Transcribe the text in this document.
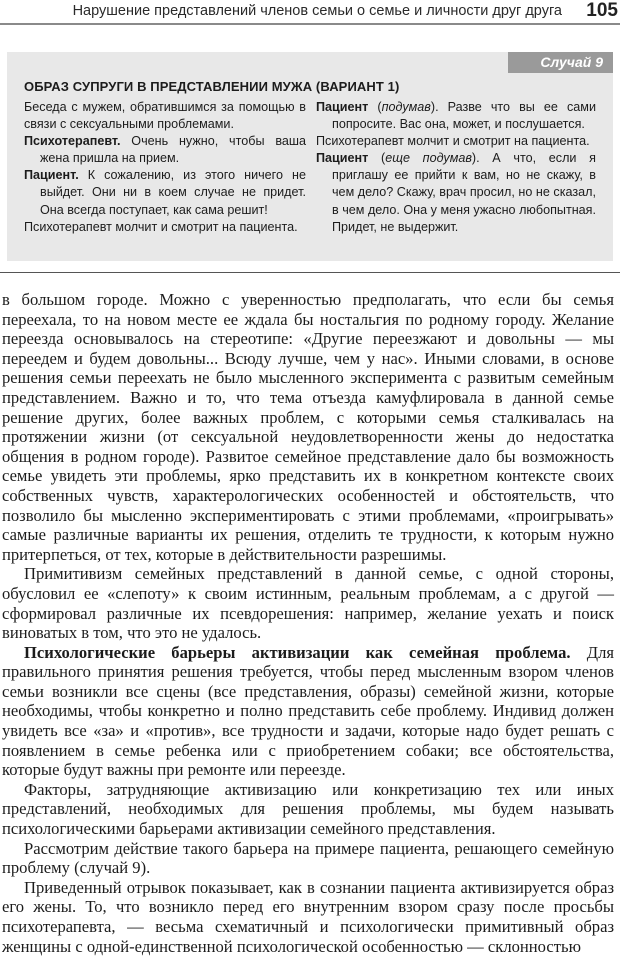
Нарушение представлений членов семьи о семье и личности друг друга 105
Случай 9
ОБРАЗ СУПРУГИ В ПРЕДСТАВЛЕНИИ МУЖА (ВАРИАНТ 1)

Беседа с мужем, обратившимся за помощью в связи с сексуальными проблемами.

Психотерапевт. Очень нужно, чтобы ваша жена пришла на прием.

Пациент. К сожалению, из этого ничего не выйдет. Они ни в коем случае не придет. Она всегда поступает, как сама решит!

Психотерапевт молчит и смотрит на пациента.

Пациент (подумав). Разве что вы ее сами попросите. Вас она, может, и послушается.

Психотерапевт молчит и смотрит на пациента.

Пациент (еще подумав). А что, если я приглашу ее прийти к вам, но не скажу, в чем дело? Скажу, врач просил, но не сказал, в чем дело. Она у меня ужасно любопытная. Придет, не выдержит.

в большом городе. Можно с уверенностью предполагать, что если бы семья переехала, то на новом месте ее ждала бы ностальгия по родному городу. Желание переезда основывалось на стереотипе: «Другие переезжают и довольны — мы переедем и будем довольны... Всюду лучше, чем у нас». Иными словами, в основе решения семьи переехать не было мысленного эксперимента с развитым семейным представлением. Важно и то, что тема отъезда камуфлировала в данной семье решение других, более важных проблем, с которыми семья сталкивалась на протяжении жизни (от сексуальной неудовлетворенности жены до недостатка общения в родном городе). Развитое семейное представление дало бы возможность семье увидеть эти проблемы, ярко представить их в конкретном контексте своих собственных чувств, характерологических особенностей и обстоятельств, что позволило бы мысленно экспериментировать с этими проблемами, «проигрывать» самые различные варианты их решения, отделить те трудности, к которым нужно притерпеться, от тех, которые в действительности разрешимы.

Примитивизм семейных представлений в данной семье, с одной стороны, обусловил ее «слепоту» к своим истинным, реальным проблемам, а с другой — сформировал различные их псевдорешения: например, желание уехать и поиск виноватых в том, что это не удалось.

Психологические барьеры активизации как семейная проблема. Для правильного принятия решения требуется, чтобы перед мысленным взором членов семьи возникли все сцены (все представления, образы) семейной жизни, которые необходимы, чтобы конкретно и полно представить себе проблему. Индивид должен увидеть все «за» и «против», все трудности и задачи, которые надо будет решать с появлением в семье ребенка или с приобретением собаки; все обстоятельства, которые будут важны при ремонте или переезде.

Факторы, затрудняющие активизацию или конкретизацию тех или иных представлений, необходимых для решения проблемы, мы будем называть психологическими барьерами активизации семейного представления.

Рассмотрим действие такого барьера на примере пациента, решающего семейную проблему (случай 9).

Приведенный отрывок показывает, как в сознании пациента активизируется образ его жены. То, что возникло перед его внутренним взором сразу после просьбы психотерапевта, — весьма схематичный и психологически примитивный образ женщины с одной-единственной психологической особенностью — склонностью
